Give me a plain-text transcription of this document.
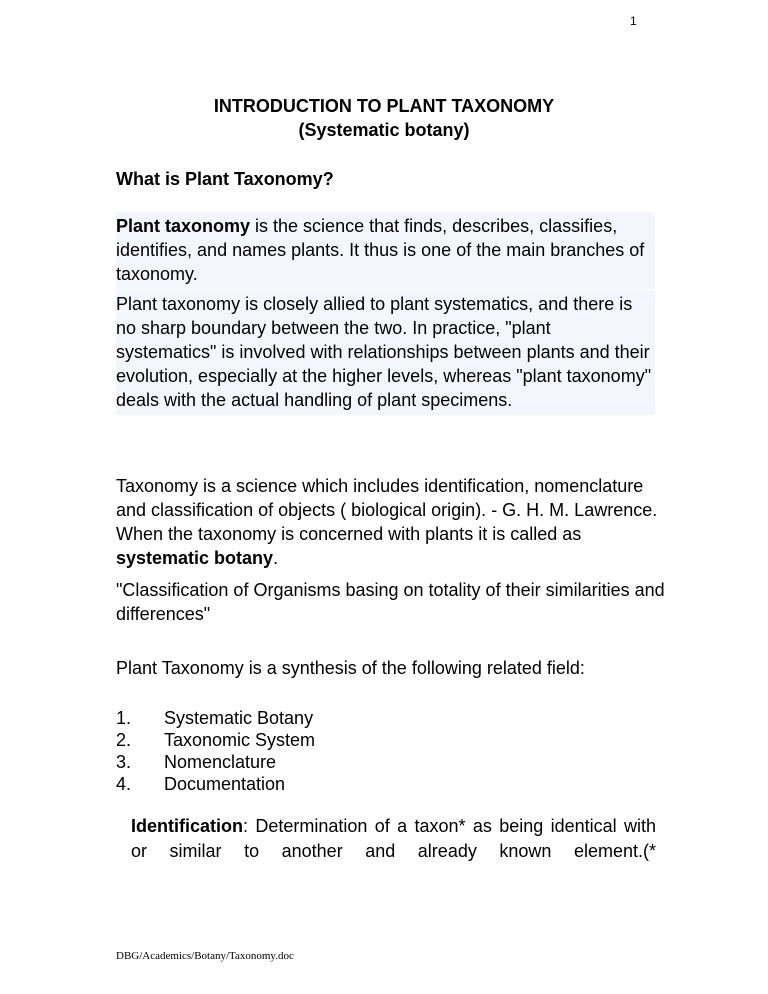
1
INTRODUCTION TO PLANT TAXONOMY
(Systematic botany)
What is Plant Taxonomy?
Plant taxonomy is the science that finds, describes, classifies, identifies, and names plants. It thus is one of the main branches of taxonomy.
Plant taxonomy is closely allied to plant systematics, and there is no sharp boundary between the two. In practice, "plant systematics" is involved with relationships between plants and their evolution, especially at the higher levels, whereas "plant taxonomy" deals with the actual handling of plant specimens.
Taxonomy is a science which includes identification, nomenclature and classification of objects ( biological origin). - G. H. M. Lawrence. When the taxonomy is concerned with plants it is called as systematic botany.
"Classification of Organisms basing on totality of their similarities and differences"
Plant Taxonomy is a synthesis of the following related field:
1.	Systematic Botany
2.	Taxonomic System
3.	Nomenclature
4.	Documentation
Identification: Determination of a taxon* as being identical with or similar to another and already known element.(*
DBG/Academics/Botany/Taxonomy.doc
